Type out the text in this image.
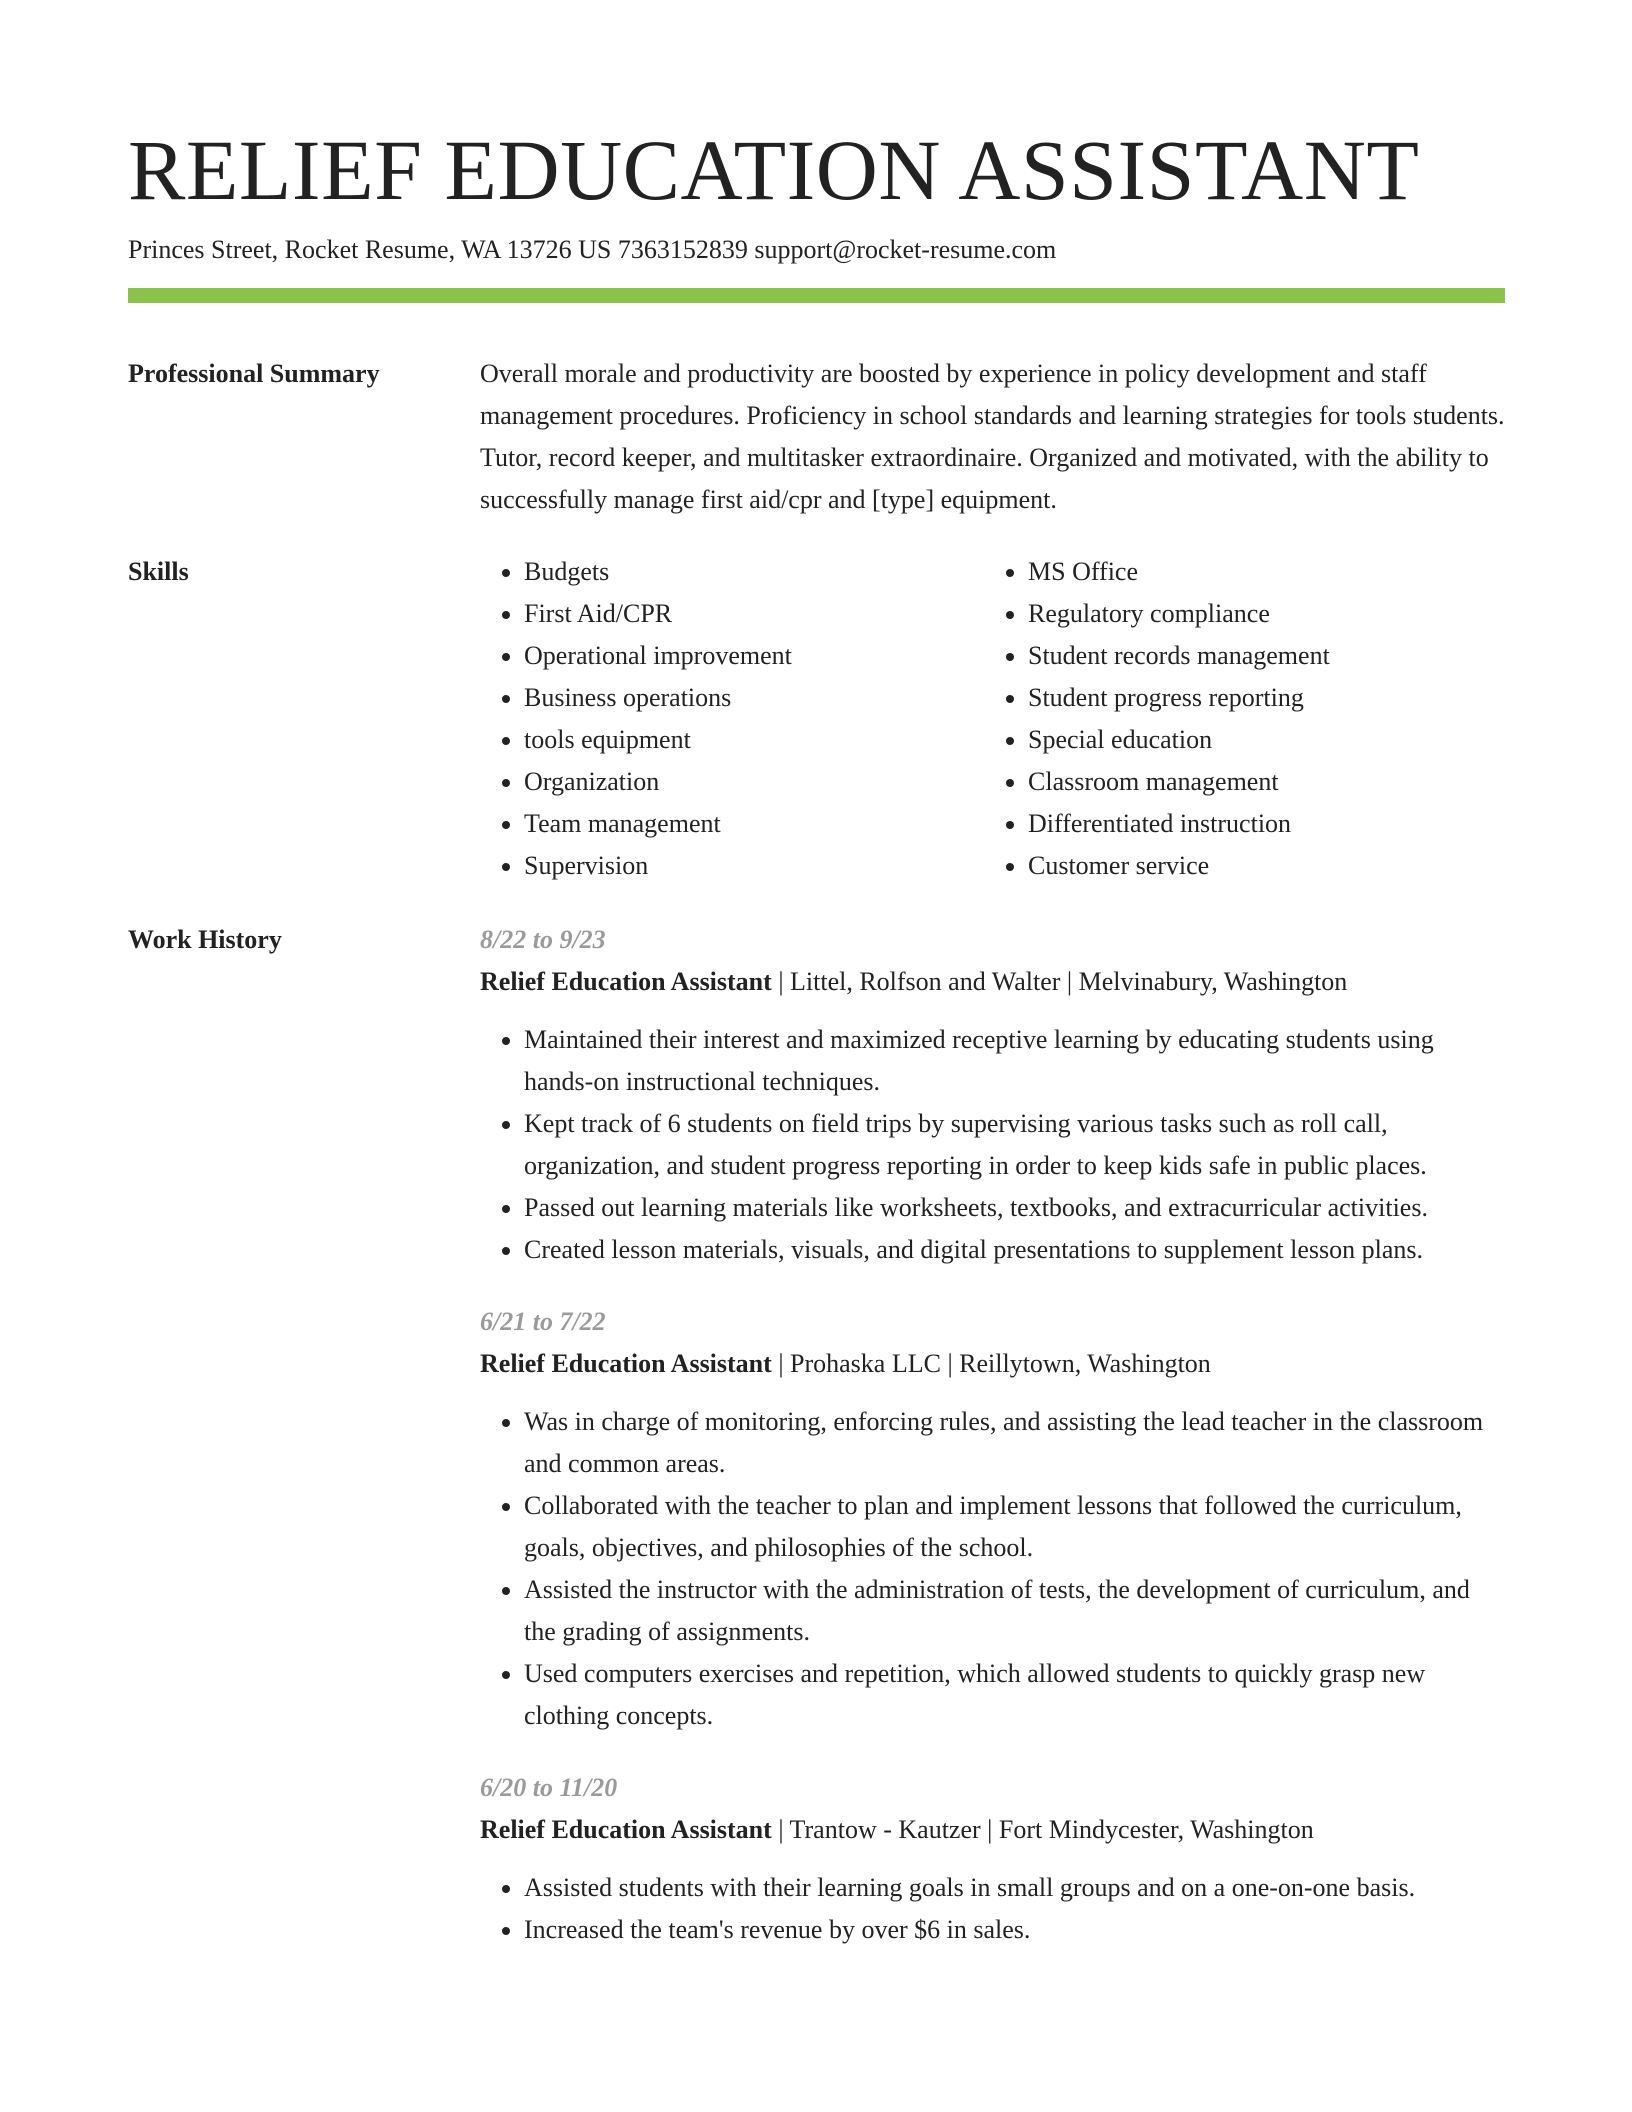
RELIEF EDUCATION ASSISTANT
Princes Street, Rocket Resume, WA 13726 US 7363152839 support@rocket-resume.com
Professional Summary	Overall morale and productivity are boosted by experience in policy development and staff management procedures. Proficiency in school standards and learning strategies for tools students. Tutor, record keeper, and multitasker extraordinaire. Organized and motivated, with the ability to successfully manage first aid/cpr and [type] equipment.
Skills
•	Budgets
• First Aid/CPR
• Operational improvement
• Business operations
• tools equipment
• Organization
• Team management
• Supervision
• MS Office
• Regulatory compliance
• Student records management
• Student progress reporting
• Special education
• Classroom management
• Differentiated instruction
• Customer service
Work History	8/22 to 9/23
Relief Education Assistant | Littel, Rolfson and Walter | Melvinabury, Washington
• Maintained their interest and maximized receptive learning by educating students using hands-on instructional techniques.
• Kept track of 6 students on field trips by supervising various tasks such as roll call, organization, and student progress reporting in order to keep kids safe in public places.
• Passed out learning materials like worksheets, textbooks, and extracurricular activities.
• Created lesson materials, visuals, and digital presentations to supplement lesson plans.
6/21 to 7/22
Relief Education Assistant | Prohaska LLC | Reillytown, Washington
• Was in charge of monitoring, enforcing rules, and assisting the lead teacher in the classroom and common areas.
• Collaborated with the teacher to plan and implement lessons that followed the curriculum, goals, objectives, and philosophies of the school.
• Assisted the instructor with the administration of tests, the development of curriculum, and the grading of assignments.
• Used computers exercises and repetition, which allowed students to quickly grasp new clothing concepts.
6/20 to 11/20
Relief Education Assistant | Trantow - Kautzer | Fort Mindycester, Washington
• Assisted students with their learning goals in small groups and on a one-on-one basis.
• Increased the team's revenue by over $6 in sales.
